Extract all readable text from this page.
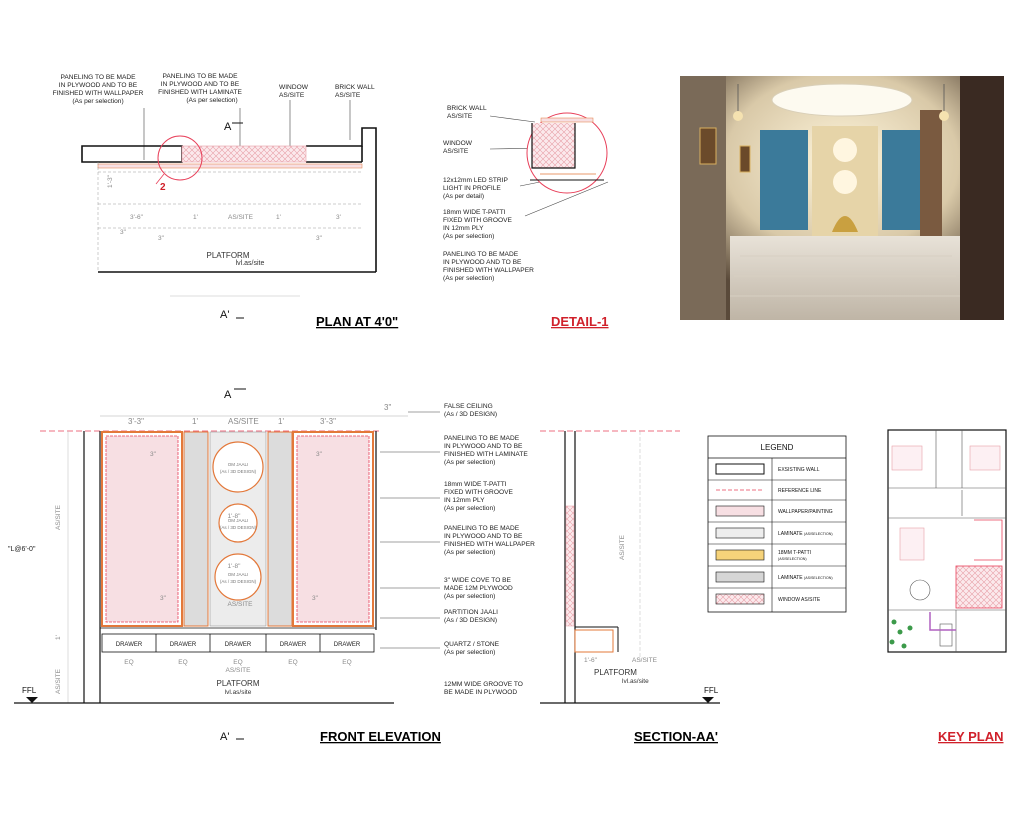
PANELING TO BE MADE
IN PLYWOOD AND TO BE
FINISHED WITH WALLPAPER
(As per selection)
PANELING TO BE MADE
IN PLYWOOD AND TO BE
FINISHED WITH LAMINATE
(As per selection)
WINDOW
AS/SITE
BRICK WALL
AS/SITE
A
2
1'-3"
3'-6"	1'	AS/SITE	1'	3'
3"
3"	3"
PLATFORM
lvl.as/site
A'	PLAN AT 4'0"
BRICK WALL
AS/SITE
WINDOW
AS/SITE
12x12mm LED STRIP
LIGHT IN PROFILE
(As per detail)
18mm WIDE T-PATTI
FIXED WITH GROOVE
IN 12mm PLY
(As per selection)
PANELING TO BE MADE
IN PLYWOOD AND TO BE
FINISHED WITH WALLPAPER
(As per selection)
DETAIL-1
A
3'-3"	1'	AS/SITE 1'	3'-3"
3"
"L@6'-0"
AS/SITE
1'
AS/SITE
OM JAALI
(As / 3D DESIGN)
OM JAALI
(As / 3D DESIGN)
OM JAALI
(As / 3D DESIGN)
1'-8"
1'-8"
AS/SITE
3"	3"
3"	3"
DRAWER	DRAWER	DRAWER	DRAWER	DRAWER
EQ	EQ	EQ	EQ	EQ
AS/SITE
PLATFORM
lvl.as/site
FFL
A'	FRONT ELEVATION
FALSE CEILING
(As / 3D DESIGN)
PANELING TO BE MADE
IN PLYWOOD AND TO BE
FINISHED WITH LAMINATE
(As per selection)
18mm WIDE T-PATTI
FIXED WITH GROOVE
IN 12mm PLY
(As per selection)
PANELING TO BE MADE
IN PLYWOOD AND TO BE
FINISHED WITH WALLPAPER
(As per selection)
3" WIDE COVE TO BE
MADE 12M PLYWOOD
(As per selection)
PARTITION JAALI
(As / 3D DESIGN)
QUARTZ / STONE
(As per selection)
12MM WIDE GROOVE TO
BE MADE IN PLYWOOD
AS/SITE
1'-6"	AS/SITE
PLATFORM
lvl.as/site
FFL
SECTION-AA'
LEGEND
EXSISTING WALL
REFERENCE LINE
WALLPAPER/PAINTING
LAMINATE (AS/SELECTION)
18MM T-PATTI
(AS/SELECTION)
LAMINATE (AS/SELECTION)
WINDOW AS/SITE
KEY PLAN
